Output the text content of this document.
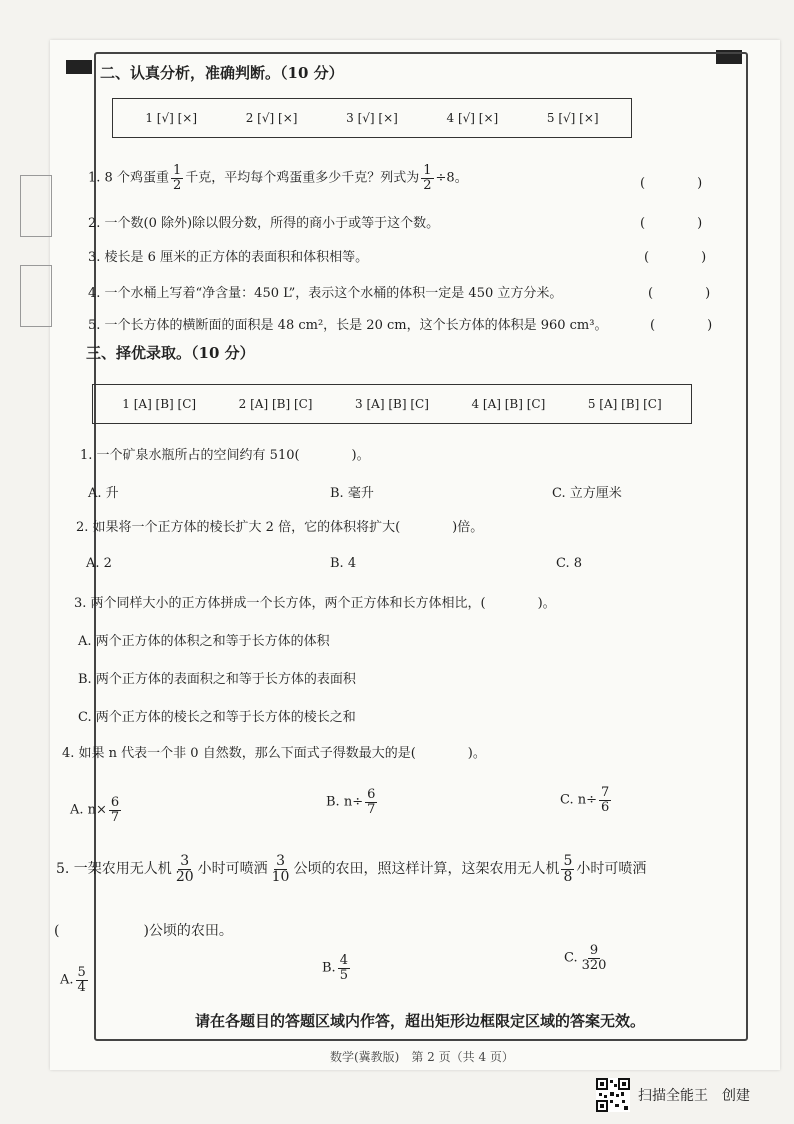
二、认真分析，准确判断。（10 分）
1 [√] [×]	2 [√] [×]	3 [√] [×]	4 [√] [×]	5 [√] [×]
1. 8 个鸡蛋重 $\frac{1}{2}$ 千克，平均每个鸡蛋重多少千克？列式为 $\frac{1}{2} \div 8$。	(　　　　)
2. 一个数(0 除外)除以假分数，所得的商小于或等于这个数。	(　　　　)
3. 棱长是 6 厘米的正方体的表面积和体积相等。	(　　　　)
4. 一个水桶上写着“净含量：450 L”，表示这个水桶的体积一定是 450 立方分米。	(　　　　)
5. 一个长方体的横断面的面积是 48 cm²，长是 20 cm，这个长方体的体积是 960 cm³。	(　　　　)
三、择优录取。（10 分）
1 [A] [B] [C]	2 [A] [B] [C]	3 [A] [B] [C]	4 [A] [B] [C]	5 [A] [B] [C]
1. 一个矿泉水瓶所占的空间约有 510(　　　　)。
A. 升	B. 毫升	C. 立方厘米
2. 如果将一个正方体的棱长扩大 2 倍，它的体积将扩大(　　　　)倍。
A. 2	B. 4	C. 8
3. 两个同样大小的正方体拼成一个长方体，两个正方体和长方体相比，(　　　　)。
A. 两个正方体的体积之和等于长方体的体积
B. 两个正方体的表面积之和等于长方体的表面积
C. 两个正方体的棱长之和等于长方体的棱长之和
4. 如果 n 代表一个非 0 自然数，那么下面式子得数最大的是(　　　　)。
A. $n\times \frac{6}{7}$	B. $n\div \frac{6}{7}$	C. $n\div \frac{7}{6}$
5. 一架农用无人机 $\frac{3}{20}$ 小时可喷洒 $\frac{3}{10}$ 公顷的农田，照这样计算，这架农用无人机 $\frac{5}{8}$ 小时可喷洒
(　　　　　　)公顷的农田。
A. $\frac{5}{4}$	B. $\frac{4}{5}$	C. $\frac{9}{320}$
请在各题目的答题区域内作答，超出矩形边框限定区域的答案无效。
数学(冀教版)　第 2 页（共 4 页）
扫描全能王　创建
